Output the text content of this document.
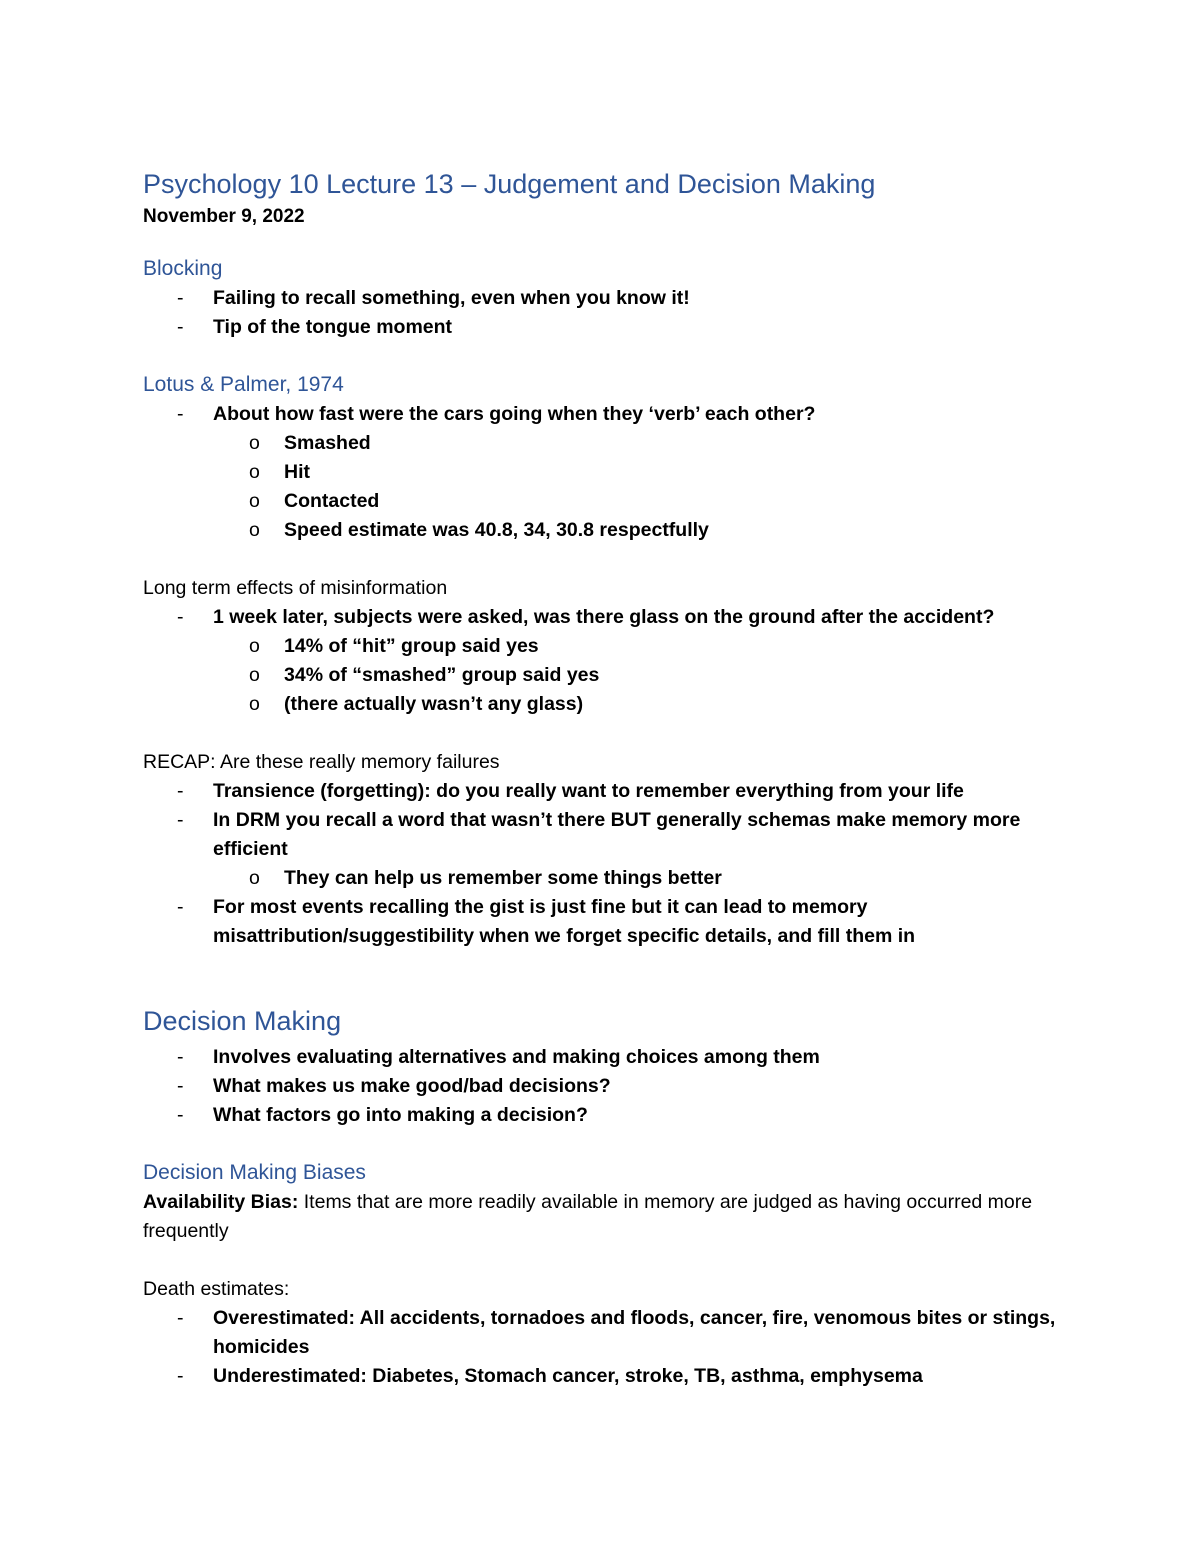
Psychology 10 Lecture 13 – Judgement and Decision Making

November 9, 2022

Blocking
- Failing to recall something, even when you know it!
- Tip of the tongue moment
Lotus & Palmer, 1974
- About how fast were the cars going when they ‘verb’ each other?
o Smashed
o Hit
o Contacted
o Speed estimate was 40.8, 34, 30.8 respectfully

Long term effects of misinformation

- 1 week later, subjects were asked, was there glass on the ground after the accident?
o 14% of “hit” group said yes
o 34% of “smashed” group said yes
o (there actually wasn’t any glass)

RECAP: Are these really memory failures

- Transience (forgetting): do you really want to remember everything from your life
- In DRM you recall a word that wasn’t there BUT generally schemas make memory more efficient
o They can help us remember some things better
- For most events recalling the gist is just fine but it can lead to memory misattribution/suggestibility when we forget specific details, and fill them in
Decision Making
- Involves evaluating alternatives and making choices among them
- What makes us make good/bad decisions?
- What factors go into making a decision?
Decision Making Biases

Availability Bias: Items that are more readily available in memory are judged as having occurred more frequently

Death estimates:

- Overestimated: All accidents, tornadoes and floods, cancer, fire, venomous bites or stings, homicides
- Underestimated: Diabetes, Stomach cancer, stroke, TB, asthma, emphysema
